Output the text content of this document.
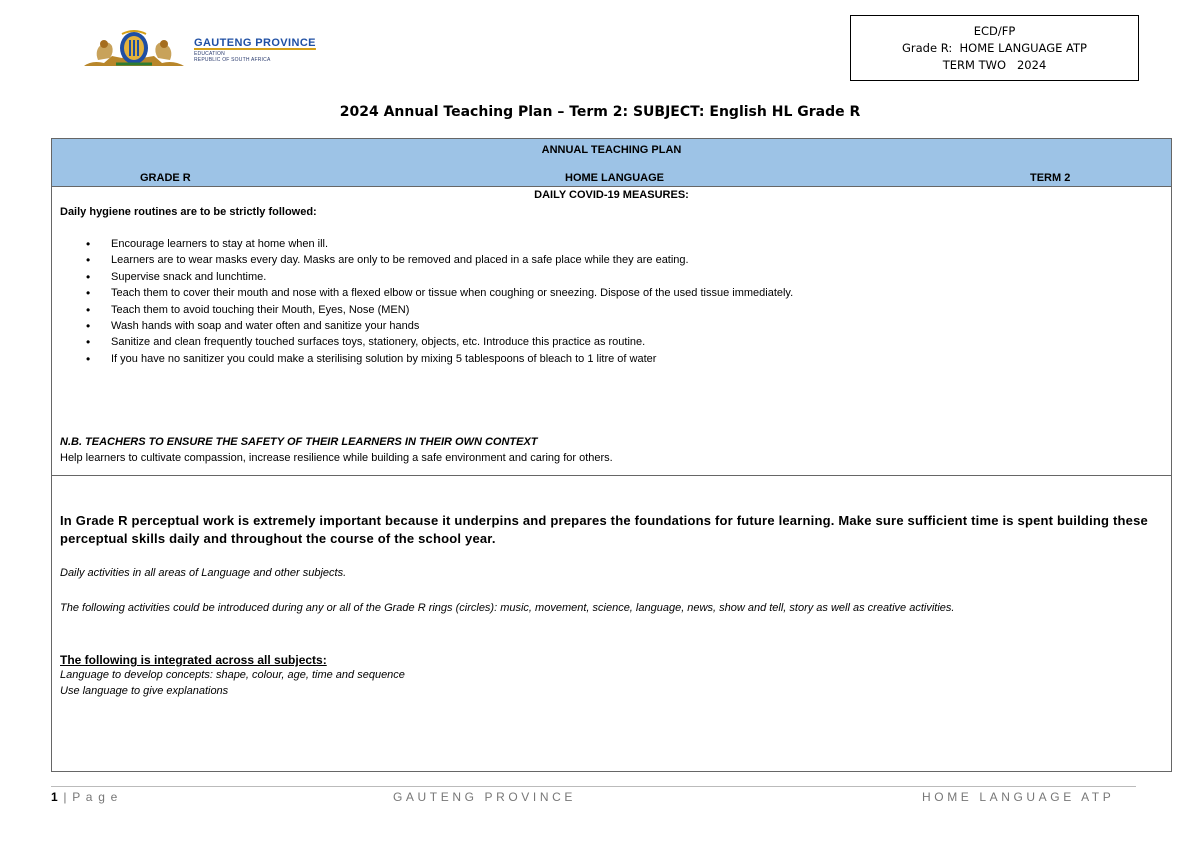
GAUTENG PROVINCE
EDUCATION
REPUBLIC OF SOUTH AFRICA
ECD/FP
Grade R:  HOME LANGUAGE ATP
TERM TWO   2024
2024 Annual Teaching Plan – Term 2: SUBJECT: English HL Grade R
ANNUAL TEACHING PLAN
GRADE R	HOME LANGUAGE	TERM 2
DAILY COVID-19 MEASURES:
Daily hygiene routines are to be strictly followed:
• Encourage learners to stay at home when ill.
• Learners are to wear masks every day. Masks are only to be removed and placed in a safe place while they are eating.
• Supervise snack and lunchtime.
• Teach them to cover their mouth and nose with a flexed elbow or tissue when coughing or sneezing. Dispose of the used tissue immediately.
• Teach them to avoid touching their Mouth, Eyes, Nose (MEN)
• Wash hands with soap and water often and sanitize your hands
• Sanitize and clean frequently touched surfaces toys, stationery, objects, etc. Introduce this practice as routine.
• If you have no sanitizer you could make a sterilising solution by mixing 5 tablespoons of bleach to 1 litre of water
N.B. TEACHERS TO ENSURE THE SAFETY OF THEIR LEARNERS IN THEIR OWN CONTEXT
Help learners to cultivate compassion, increase resilience while building a safe environment and caring for others.
In Grade R perceptual work is extremely important because it underpins and prepares the foundations for future learning. Make sure sufficient time is spent building these perceptual skills daily and throughout the course of the school year.
Daily activities in all areas of Language and other subjects.
The following activities could be introduced during any or all of the Grade R rings (circles): music, movement, science, language, news, show and tell, story as well as creative activities.
The following is integrated across all subjects:
Language to develop concepts: shape, colour, age, time and sequence
Use language to give explanations
1 | P a g e	GAUTENG PROVINCE	HOME LANGUAGE ATP
